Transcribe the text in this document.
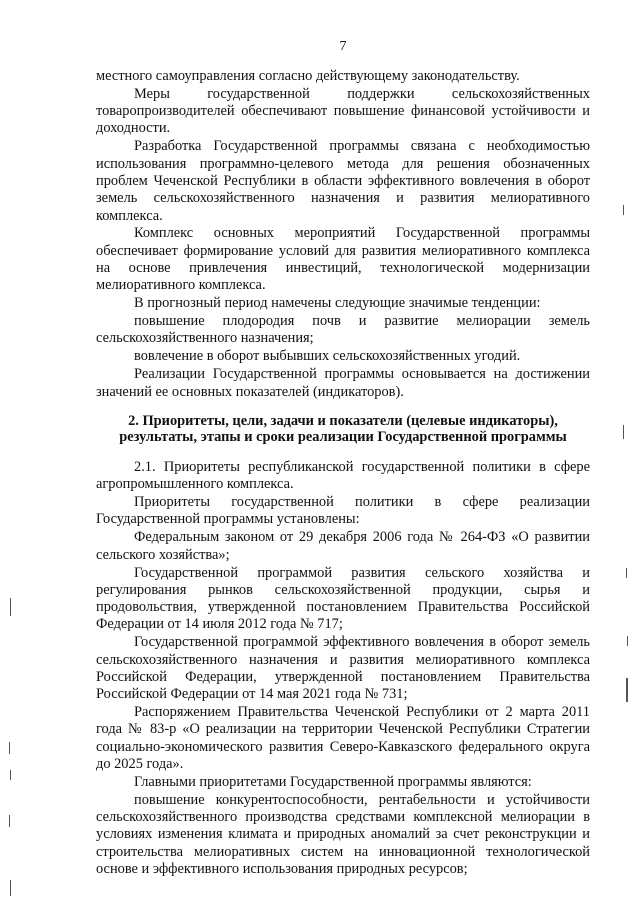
7
местного самоуправления согласно действующему законодательству.
Меры государственной поддержки сельскохозяйственных товаропроизводителей обеспечивают повышение финансовой устойчивости и доходности.
Разработка Государственной программы связана с необходимостью использования программно-целевого метода для решения обозначенных проблем Чеченской Республики в области эффективного вовлечения в оборот земель сельскохозяйственного назначения и развития мелиоративного комплекса.
Комплекс основных мероприятий Государственной программы обеспечивает формирование условий для развития мелиоративного комплекса на основе привлечения инвестиций, технологической модернизации мелиоративного комплекса.
В прогнозный период намечены следующие значимые тенденции:
повышение плодородия почв и развитие мелиорации земель сельскохозяйственного назначения;
вовлечение в оборот выбывших сельскохозяйственных угодий.
Реализации Государственной программы основывается на достижении значений ее основных показателей (индикаторов).
2. Приоритеты, цели, задачи и показатели (целевые индикаторы),
результаты, этапы и сроки реализации Государственной программы
2.1. Приоритеты республиканской государственной политики в сфере агропромышленного комплекса.
Приоритеты государственной политики в сфере реализации Государственной программы установлены:
Федеральным законом от 29 декабря 2006 года № 264-ФЗ «О развитии сельского хозяйства»;
Государственной программой развития сельского хозяйства и регулирования рынков сельскохозяйственной продукции, сырья и продовольствия, утвержденной постановлением Правительства Российской Федерации от 14 июля 2012 года № 717;
Государственной программой эффективного вовлечения в оборот земель сельскохозяйственного назначения и развития мелиоративного комплекса Российской Федерации, утвержденной постановлением Правительства Российской Федерации от 14 мая 2021 года № 731;
Распоряжением Правительства Чеченской Республики от 2 марта 2011 года № 83-р «О реализации на территории Чеченской Республики Стратегии социально-экономического развития Северо-Кавказского федерального округа до 2025 года».
Главными приоритетами Государственной программы являются:
повышение конкурентоспособности, рентабельности и устойчивости сельскохозяйственного производства средствами комплексной мелиорации в условиях изменения климата и природных аномалий за счет реконструкции и строительства мелиоративных систем на инновационной технологической основе и эффективного использования природных ресурсов;
